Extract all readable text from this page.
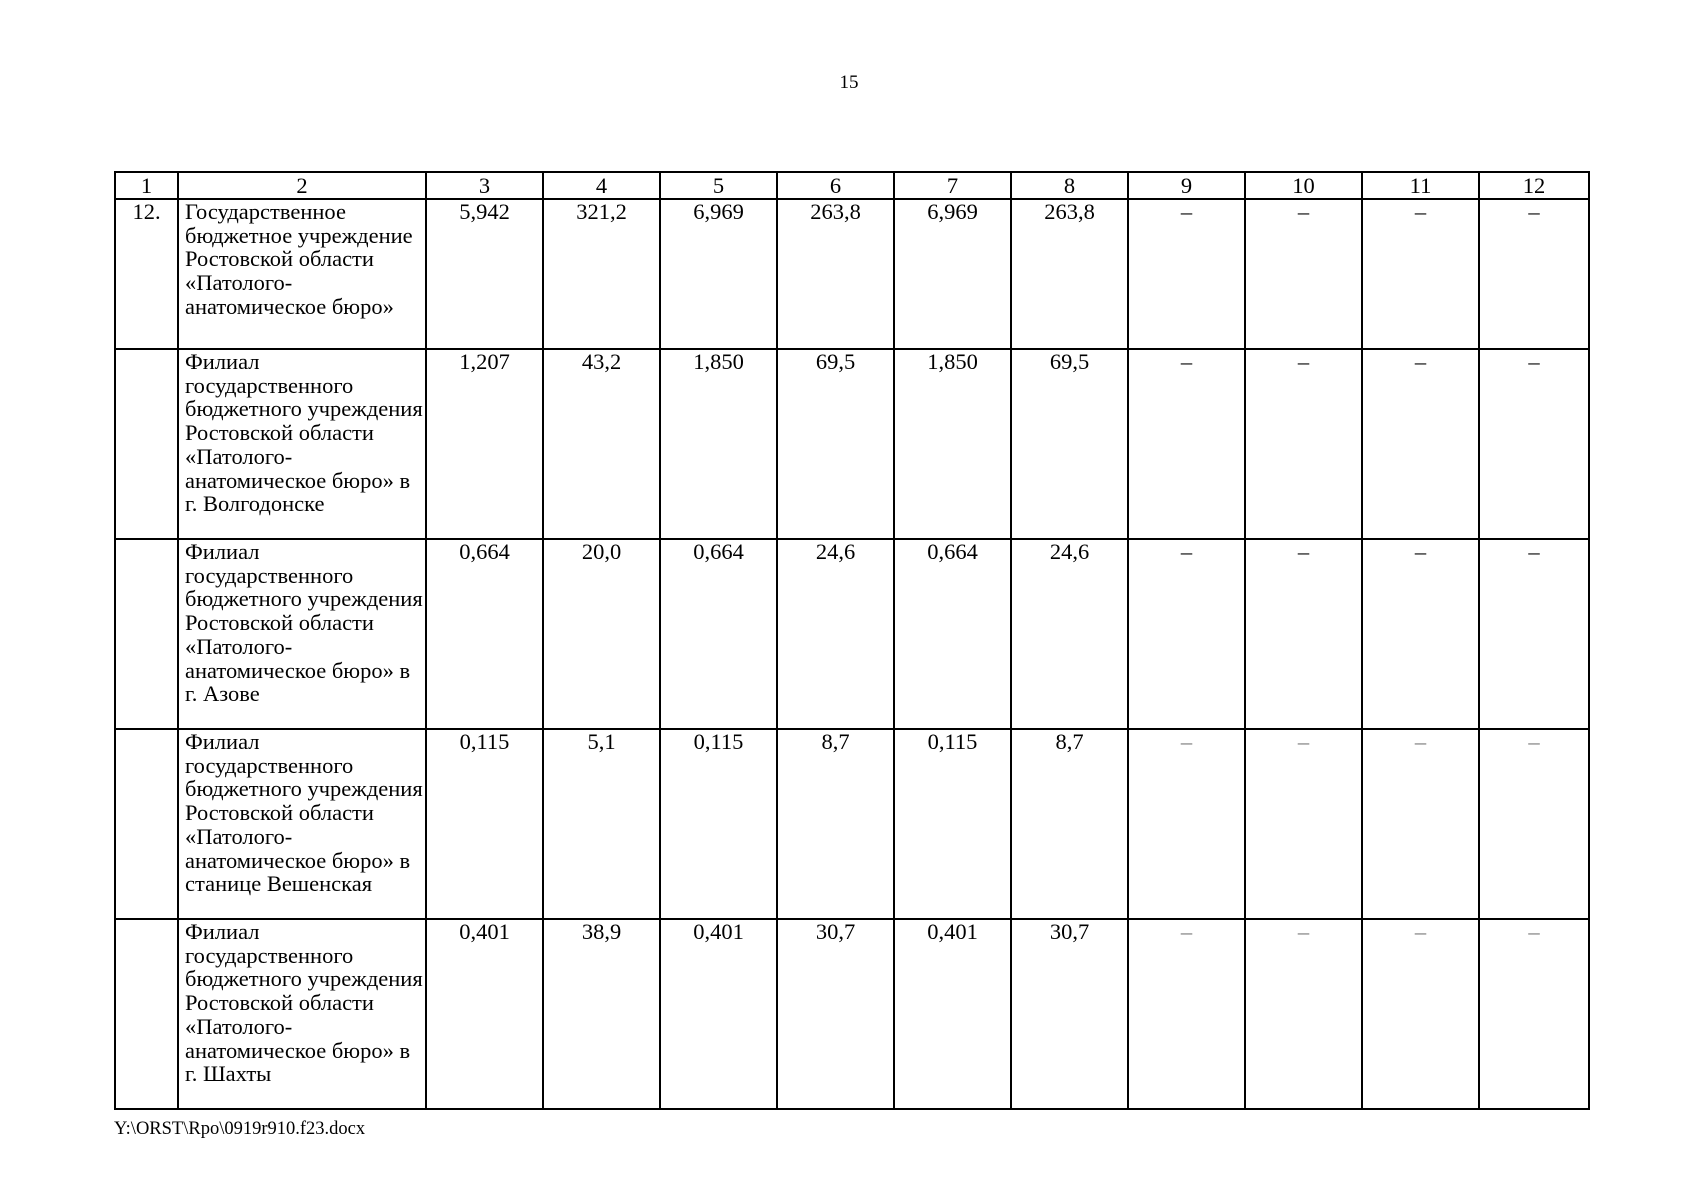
15
1	2	3	4	5	6	7	8	9	10	11	12
12.	Государственное бюджетное учреждение Ростовской области «Патолого-анатомическое бюро»	5,942	321,2	6,969	263,8	6,969	263,8	–	–	–	–
	Филиал государственного бюджетного учреждения Ростовской области «Патолого-анатомическое бюро» в г. Волгодонске	1,207	43,2	1,850	69,5	1,850	69,5	–	–	–	–
	Филиал государственного бюджетного учреждения Ростовской области «Патолого-анатомическое бюро» в г. Азове	0,664	20,0	0,664	24,6	0,664	24,6	–	–	–	–
	Филиал государственного бюджетного учреждения Ростовской области «Патолого-анатомическое бюро» в станице Вешенская	0,115	5,1	0,115	8,7	0,115	8,7	–	–	–	–
	Филиал государственного бюджетного учреждения Ростовской области «Патолого-анатомическое бюро» в г. Шахты	0,401	38,9	0,401	30,7	0,401	30,7	–	–	–	–
Y:\ORST\Rpo\0919r910.f23.docx
